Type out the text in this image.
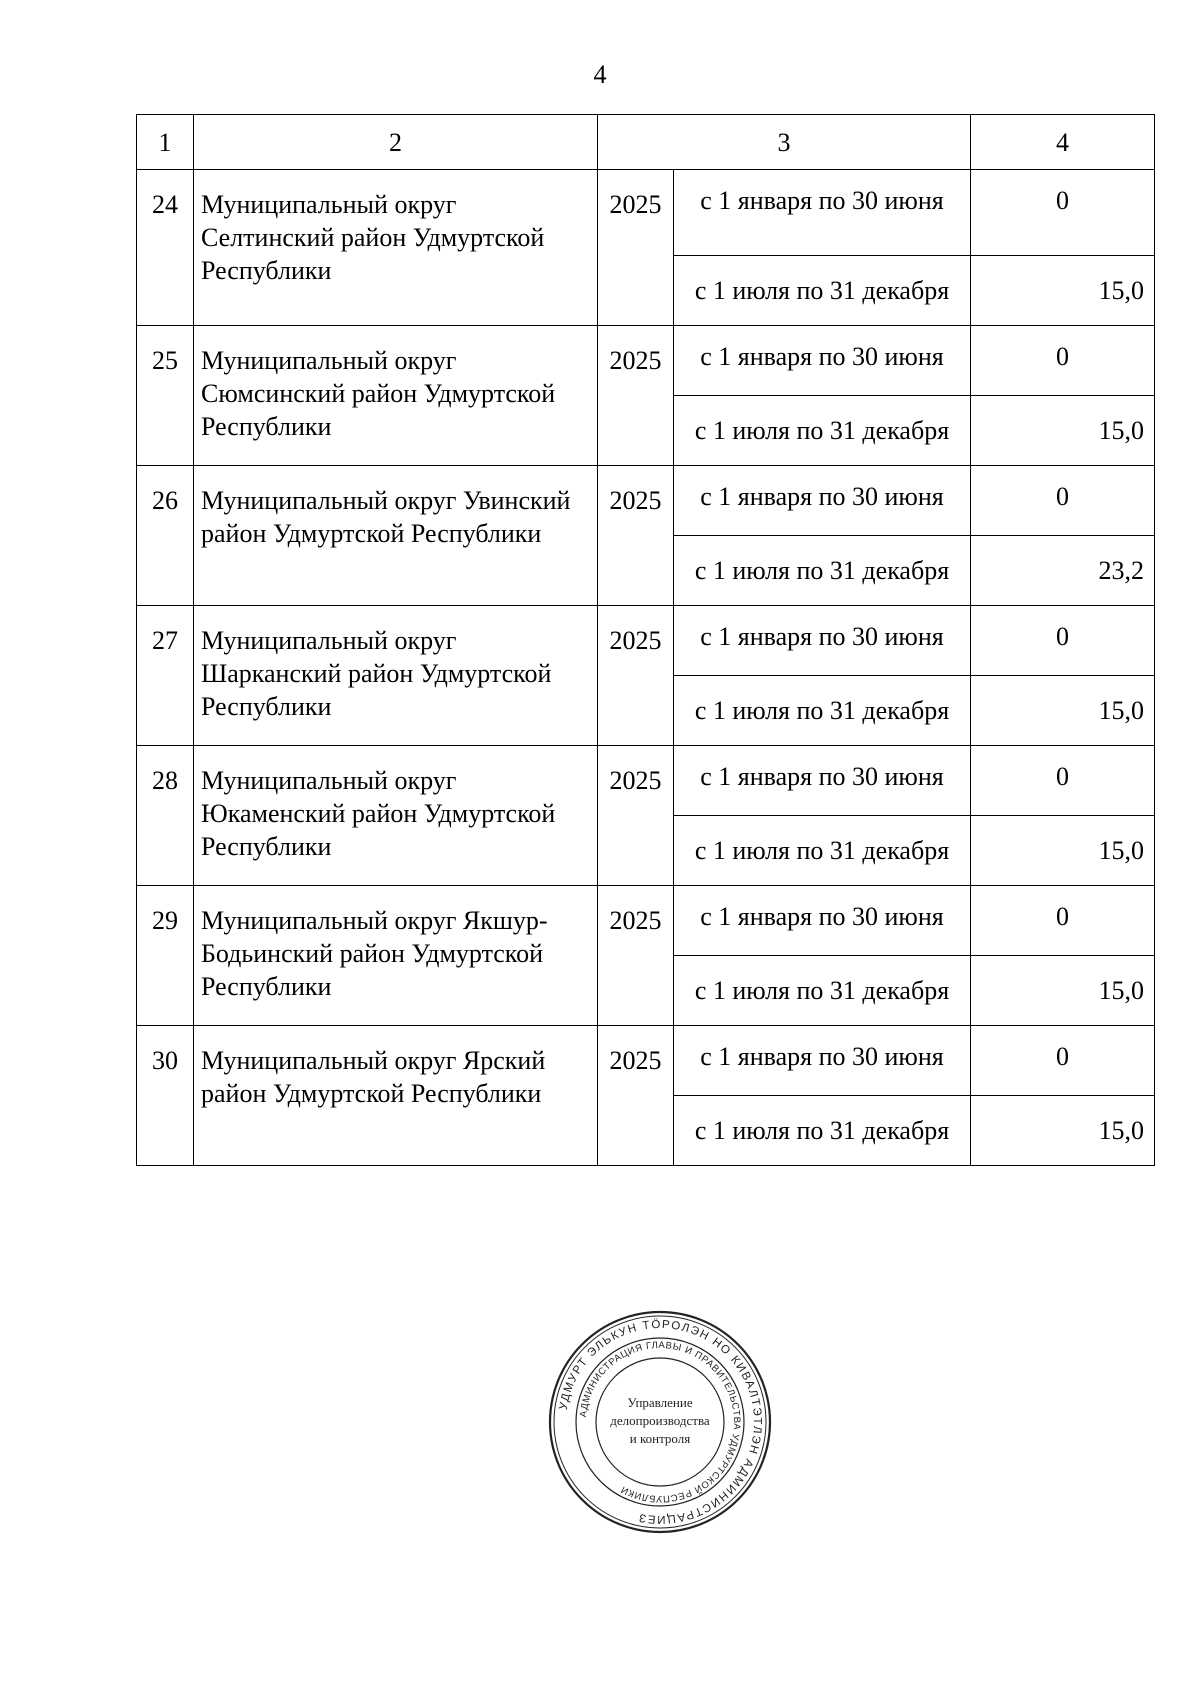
4
1	2	3		4
24	Муниципальный округ Селтинский район Удмуртской Республики	2025	с 1 января по 30 июня	0
			с 1 июля по 31 декабря	15,0
25	Муниципальный округ Сюмсинский район Удмуртской Республики	2025	с 1 января по 30 июня	0
			с 1 июля по 31 декабря	15,0
26	Муниципальный округ Увинский район Удмуртской Республики	2025	с 1 января по 30 июня	0
			с 1 июля по 31 декабря	23,2
27	Муниципальный округ Шарканский район Удмуртской Республики	2025	с 1 января по 30 июня	0
			с 1 июля по 31 декабря	15,0
28	Муниципальный округ Юкаменский район Удмуртской Республики	2025	с 1 января по 30 июня	0
			с 1 июля по 31 декабря	15,0
29	Муниципальный округ Якшур-Бодьинский район Удмуртской Республики	2025	с 1 января по 30 июня	0
			с 1 июля по 31 декабря	15,0
30	Муниципальный округ Ярский район Удмуртской Республики	2025	с 1 января по 30 июня	0
			с 1 июля по 31 декабря	15,0
УДМУРТ ЭЛЬКУН ТӦРОЛЭН НО КИВАЛТЭТЛЭН АДМИНИСТРАЦИЕЗ
АДМИНИСТРАЦИЯ ГЛАВЫ И ПРАВИТЕЛЬСТВА УДМУРТСКОЙ РЕСПУБЛИКИ
Управление
делопроизводства
и контроля
